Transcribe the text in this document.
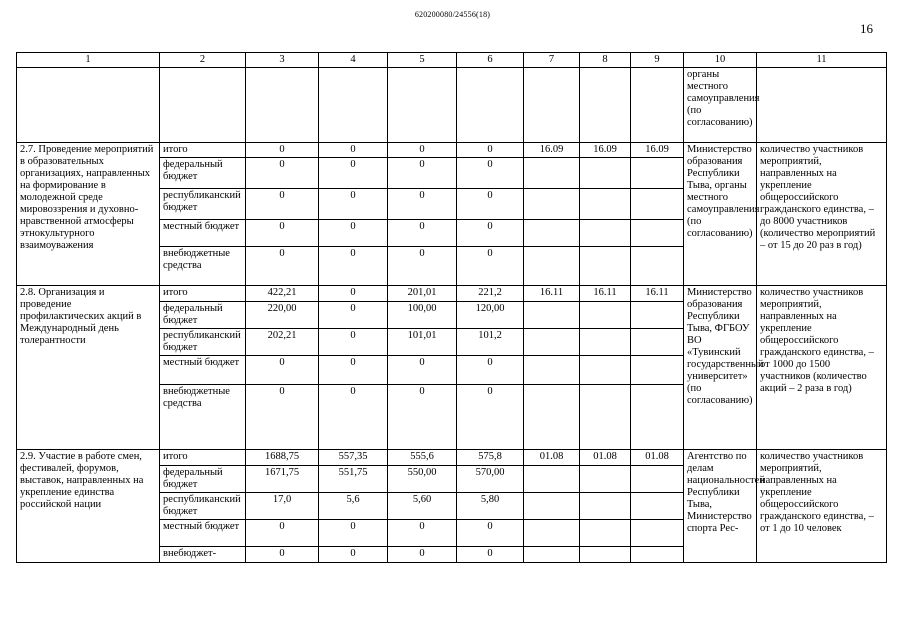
620200080/24556(18)
16
1	2	3	4	5	6	7	8	9	10	11
									органы местного самоуправления (по согласованию)	
2.7. Проведение мероприятий в образовательных организациях, направленных на формирование в молодежной среде мировоззрения и духовно-нравственной атмосферы этнокультурного взаимоуважения	итого	0	0	0	0	16.09	16.09	16.09	Министерство образования Республики Тыва, органы местного самоуправления (по согласованию)	количество участников мероприятий, направленных на укрепление общероссийского гражданского единства, – до 8000 участников (количество мероприятий – от 15 до 20 раз в год)
	федеральный бюджет	0	0	0	0					
	республиканский бюджет	0	0	0	0					
	местный бюджет	0	0	0	0					
	внебюджетные средства	0	0	0	0					
2.8. Организация и проведение профилактических акций в Международный день толерантности	итого	422,21	0	201,01	221,2	16.11	16.11	16.11	Министерство образования Республики Тыва, ФГБОУ ВО «Тувинский государственный университет» (по согласованию)	количество участников мероприятий, направленных на укрепление общероссийского гражданского единства, – от 1000 до 1500 участников (количество акций – 2 раза в год)
	федеральный бюджет	220,00	0	100,00	120,00					
	республиканский бюджет	202,21	0	101,01	101,2					
	местный бюджет	0	0	0	0					
	внебюджетные средства	0	0	0	0					
2.9. Участие в работе смен, фестивалей, форумов, выставок, направленных на укрепление единства российской нации	итого	1688,75	557,35	555,6	575,8	01.08	01.08	01.08	Агентство по делам национальностей Республики Тыва, Министерство спорта Рес-	количество участников мероприятий, направленных на укрепление общероссийского гражданского единства, – от 1 до 10 человек
	федеральный бюджет	1671,75	551,75	550,00	570,00					
	республиканский бюджет	17,0	5,6	5,60	5,80					
	местный бюджет	0	0	0	0					
	внебюджет-	0	0	0	0					
